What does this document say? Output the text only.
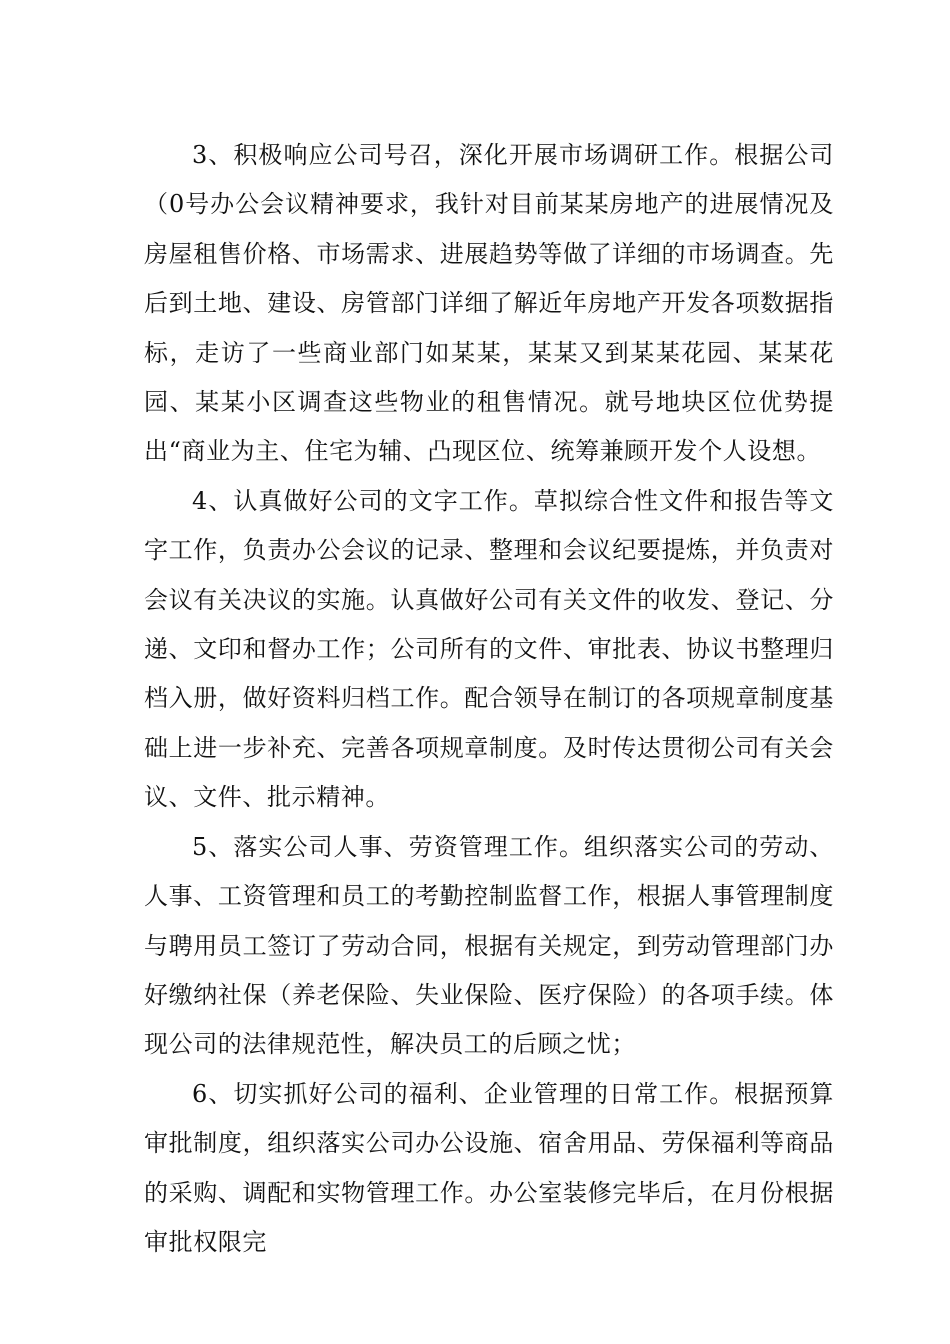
3、积极响应公司号召，深化开展市场调研工作。根据公司（0号办公会议精神要求，我针对目前某某房地产的进展情况及房屋租售价格、市场需求、进展趋势等做了详细的市场调查。先后到土地、建设、房管部门详细了解近年房地产开发各项数据指标，走访了一些商业部门如某某，某某又到某某花园、某某花园、某某小区调查这些物业的租售情况。就号地块区位优势提出“商业为主、住宅为辅、凸现区位、统筹兼顾开发个人设想。

4、认真做好公司的文字工作。草拟综合性文件和报告等文字工作，负责办公会议的记录、整理和会议纪要提炼，并负责对会议有关决议的实施。认真做好公司有关文件的收发、登记、分递、文印和督办工作；公司所有的文件、审批表、协议书整理归档入册，做好资料归档工作。配合领导在制订的各项规章制度基础上进一步补充、完善各项规章制度。及时传达贯彻公司有关会议、文件、批示精神。

5、落实公司人事、劳资管理工作。组织落实公司的劳动、人事、工资管理和员工的考勤控制监督工作，根据人事管理制度与聘用员工签订了劳动合同，根据有关规定，到劳动管理部门办好缴纳社保（养老保险、失业保险、医疗保险）的各项手续。体现公司的法律规范性，解决员工的后顾之忧；

6、切实抓好公司的福利、企业管理的日常工作。根据预算审批制度，组织落实公司办公设施、宿舍用品、劳保福利等商品的采购、调配和实物管理工作。办公室装修完毕后，在月份根据审批权限完
